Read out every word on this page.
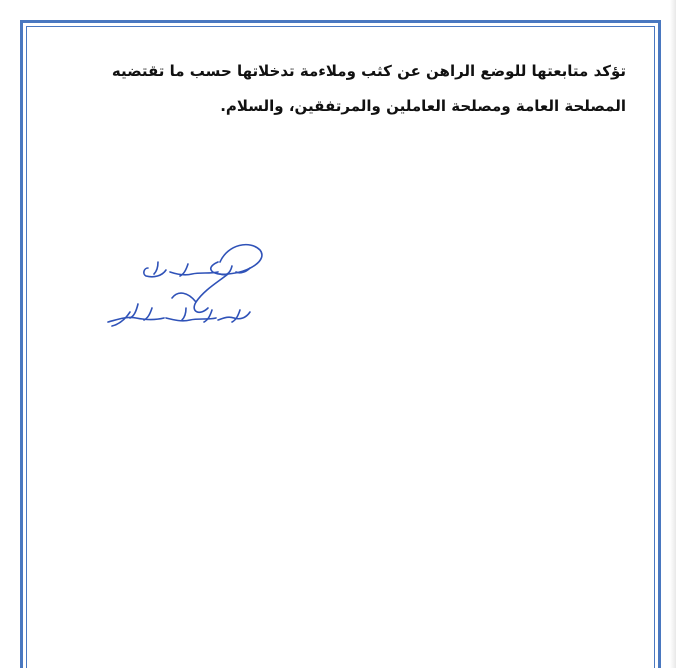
تؤكد متابعتها للوضع الراهن عن كثب وملاءمة تدخلاتها حسب ما تقتضيه

المصلحة العامة ومصلحة العاملين والمرتفقين، والسلام.
